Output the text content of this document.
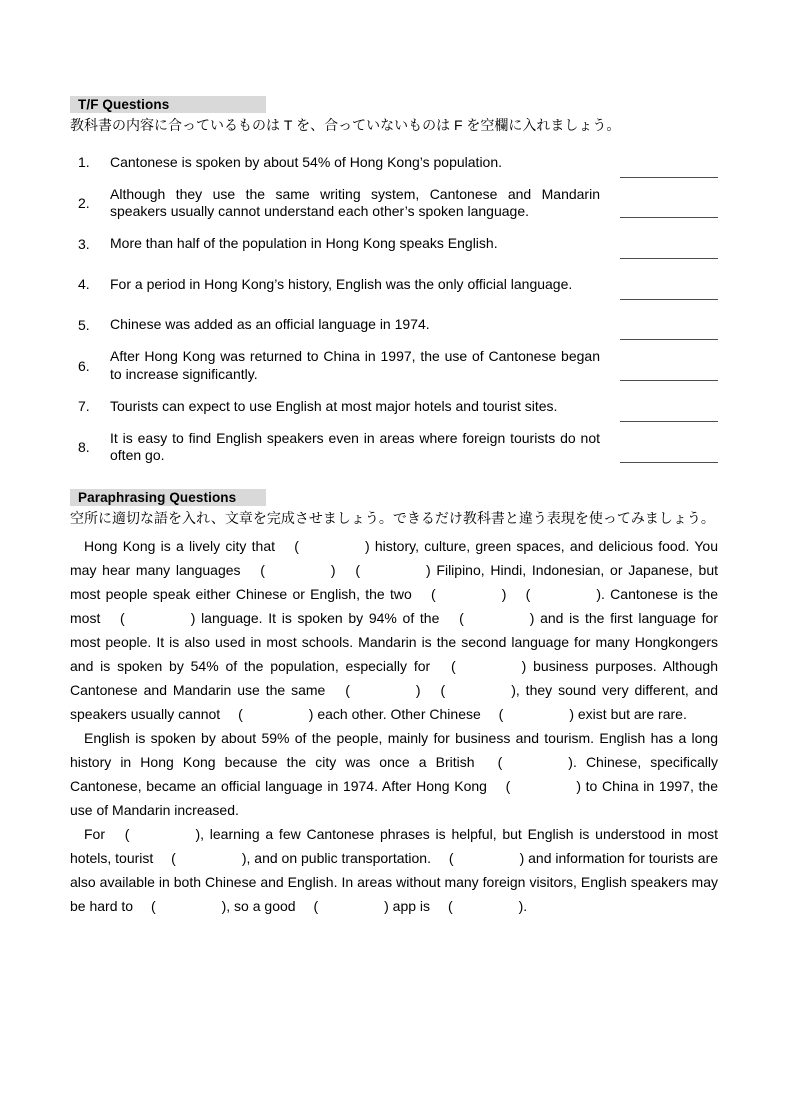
T/F Questions
教科書の内容に合っているものは T を、合っていないものは F を空欄に入れましょう。
1.	Cantonese is spoken by about 54% of Hong Kong’s population.
2.
Although they use the same writing system, Cantonese and Mandarin speakers usually cannot understand each other’s spoken language.
3.	More than half of the population in Hong Kong speaks English.
4.	For a period in Hong Kong’s history, English was the only official language.
5.	Chinese was added as an official language in 1974.
6.
After Hong Kong was returned to China in 1997, the use of Cantonese began to increase significantly.
7.	Tourists can expect to use English at most major hotels and tourist sites.
8.
It is easy to find English speakers even in areas where foreign tourists do not often go.
Paraphrasing Questions
空所に適切な語を入れ、文章を完成させましょう。できるだけ教科書と違う表現を使ってみましょう。

Hong Kong is a lively city that (	) history, culture, green spaces, and delicious food. You may hear many languages (	) (	) Filipino, Hindi, Indonesian, or Japanese, but most people speak either Chinese or English, the two (	) (	). Cantonese is the most (	) language. It is spoken by 94% of the (	) and is the first language for most people. It is also used in most schools. Mandarin is the second language for many Hongkongers and is spoken by 54% of the population, especially for (	) business purposes. Although Cantonese and Mandarin use the same (	) (	), they sound very different, and speakers usually cannot (	) each other. Other Chinese (	) exist but are rare.

English is spoken by about 59% of the people, mainly for business and tourism. English has a long history in Hong Kong because the city was once a British (	). Chinese, specifically Cantonese, became an official language in 1974. After Hong Kong (	) to China in 1997, the use of Mandarin increased.

For (	), learning a few Cantonese phrases is helpful, but English is understood in most hotels, tourist (	), and on public transportation. (	) and information for tourists are also available in both Chinese and English. In areas without many foreign visitors, English speakers may be hard to (	), so a good (	) app is (	).
